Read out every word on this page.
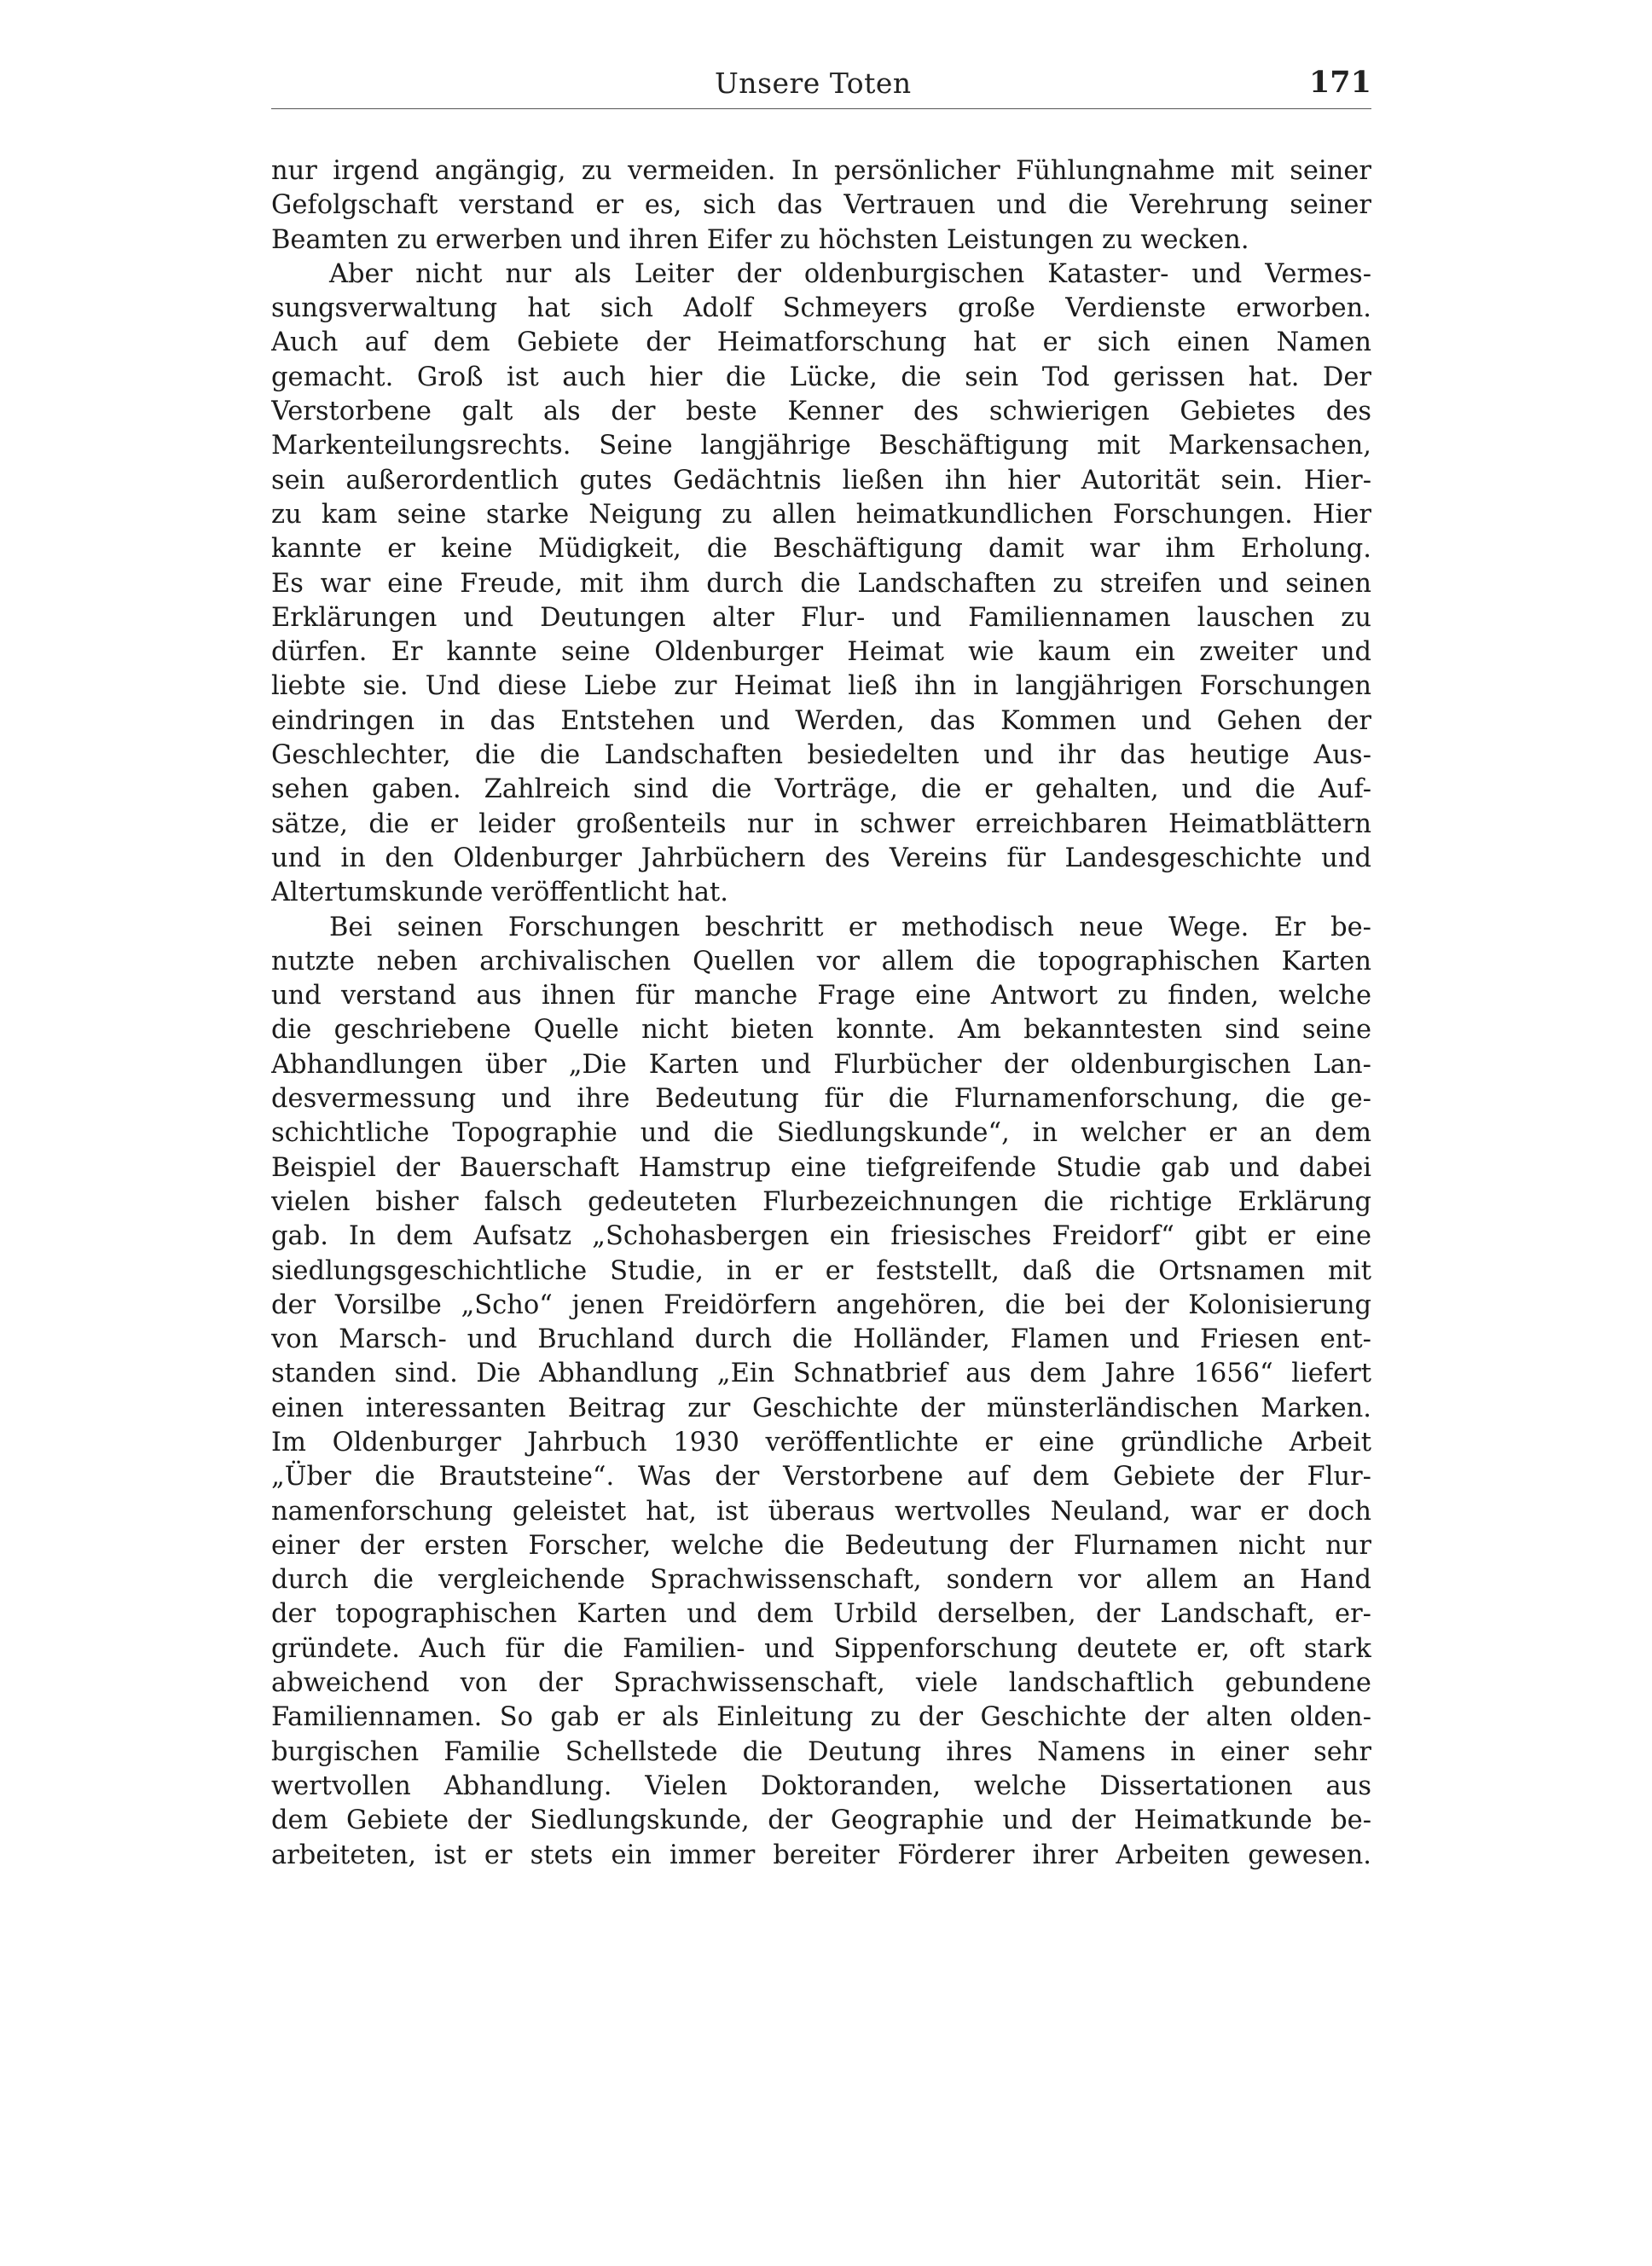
Unsere Toten	171
nur irgend angängig, zu vermeiden. In persönlicher Fühlungnahme mit seiner
Gefolgschaft verstand er es, sich das Vertrauen und die Verehrung seiner
Beamten zu erwerben und ihren Eifer zu höchsten Leistungen zu wecken.
Aber nicht nur als Leiter der oldenburgischen Kataster- und Vermes-
sungsverwaltung hat sich Adolf Schmeyers große Verdienste erworben.
Auch auf dem Gebiete der Heimatforschung hat er sich einen Namen
gemacht. Groß ist auch hier die Lücke, die sein Tod gerissen hat. Der
Verstorbene galt als der beste Kenner des schwierigen Gebietes des
Markenteilungsrechts. Seine langjährige Beschäftigung mit Markensachen,
sein außerordentlich gutes Gedächtnis ließen ihn hier Autorität sein. Hier-
zu kam seine starke Neigung zu allen heimatkundlichen Forschungen. Hier
kannte er keine Müdigkeit, die Beschäftigung damit war ihm Erholung.
Es war eine Freude, mit ihm durch die Landschaften zu streifen und seinen
Erklärungen und Deutungen alter Flur- und Familiennamen lauschen zu
dürfen. Er kannte seine Oldenburger Heimat wie kaum ein zweiter und
liebte sie. Und diese Liebe zur Heimat ließ ihn in langjährigen Forschungen
eindringen in das Entstehen und Werden, das Kommen und Gehen der
Geschlechter, die die Landschaften besiedelten und ihr das heutige Aus-
sehen gaben. Zahlreich sind die Vorträge, die er gehalten, und die Auf-
sätze, die er leider großenteils nur in schwer erreichbaren Heimatblättern
und in den Oldenburger Jahrbüchern des Vereins für Landesgeschichte und
Altertumskunde veröffentlicht hat.
Bei seinen Forschungen beschritt er methodisch neue Wege. Er be-
nutzte neben archivalischen Quellen vor allem die topographischen Karten
und verstand aus ihnen für manche Frage eine Antwort zu finden, welche
die geschriebene Quelle nicht bieten konnte. Am bekanntesten sind seine
Abhandlungen über „Die Karten und Flurbücher der oldenburgischen Lan-
desvermessung und ihre Bedeutung für die Flurnamenforschung, die ge-
schichtliche Topographie und die Siedlungskunde“, in welcher er an dem
Beispiel der Bauerschaft Hamstrup eine tiefgreifende Studie gab und dabei
vielen bisher falsch gedeuteten Flurbezeichnungen die richtige Erklärung
gab. In dem Aufsatz „Schohasbergen ein friesisches Freidorf“ gibt er eine
siedlungsgeschichtliche Studie, in er er feststellt, daß die Ortsnamen mit
der Vorsilbe „Scho“ jenen Freidörfern angehören, die bei der Kolonisierung
von Marsch- und Bruchland durch die Holländer, Flamen und Friesen ent-
standen sind. Die Abhandlung „Ein Schnatbrief aus dem Jahre 1656“ liefert
einen interessanten Beitrag zur Geschichte der münsterländischen Marken.
Im Oldenburger Jahrbuch 1930 veröffentlichte er eine gründliche Arbeit
„Über die Brautsteine“. Was der Verstorbene auf dem Gebiete der Flur-
namenforschung geleistet hat, ist überaus wertvolles Neuland, war er doch
einer der ersten Forscher, welche die Bedeutung der Flurnamen nicht nur
durch die vergleichende Sprachwissenschaft, sondern vor allem an Hand
der topographischen Karten und dem Urbild derselben, der Landschaft, er-
gründete. Auch für die Familien- und Sippenforschung deutete er, oft stark
abweichend von der Sprachwissenschaft, viele landschaftlich gebundene
Familiennamen. So gab er als Einleitung zu der Geschichte der alten olden-
burgischen Familie Schellstede die Deutung ihres Namens in einer sehr
wertvollen Abhandlung. Vielen Doktoranden, welche Dissertationen aus
dem Gebiete der Siedlungskunde, der Geographie und der Heimatkunde be-
arbeiteten, ist er stets ein immer bereiter Förderer ihrer Arbeiten gewesen.
